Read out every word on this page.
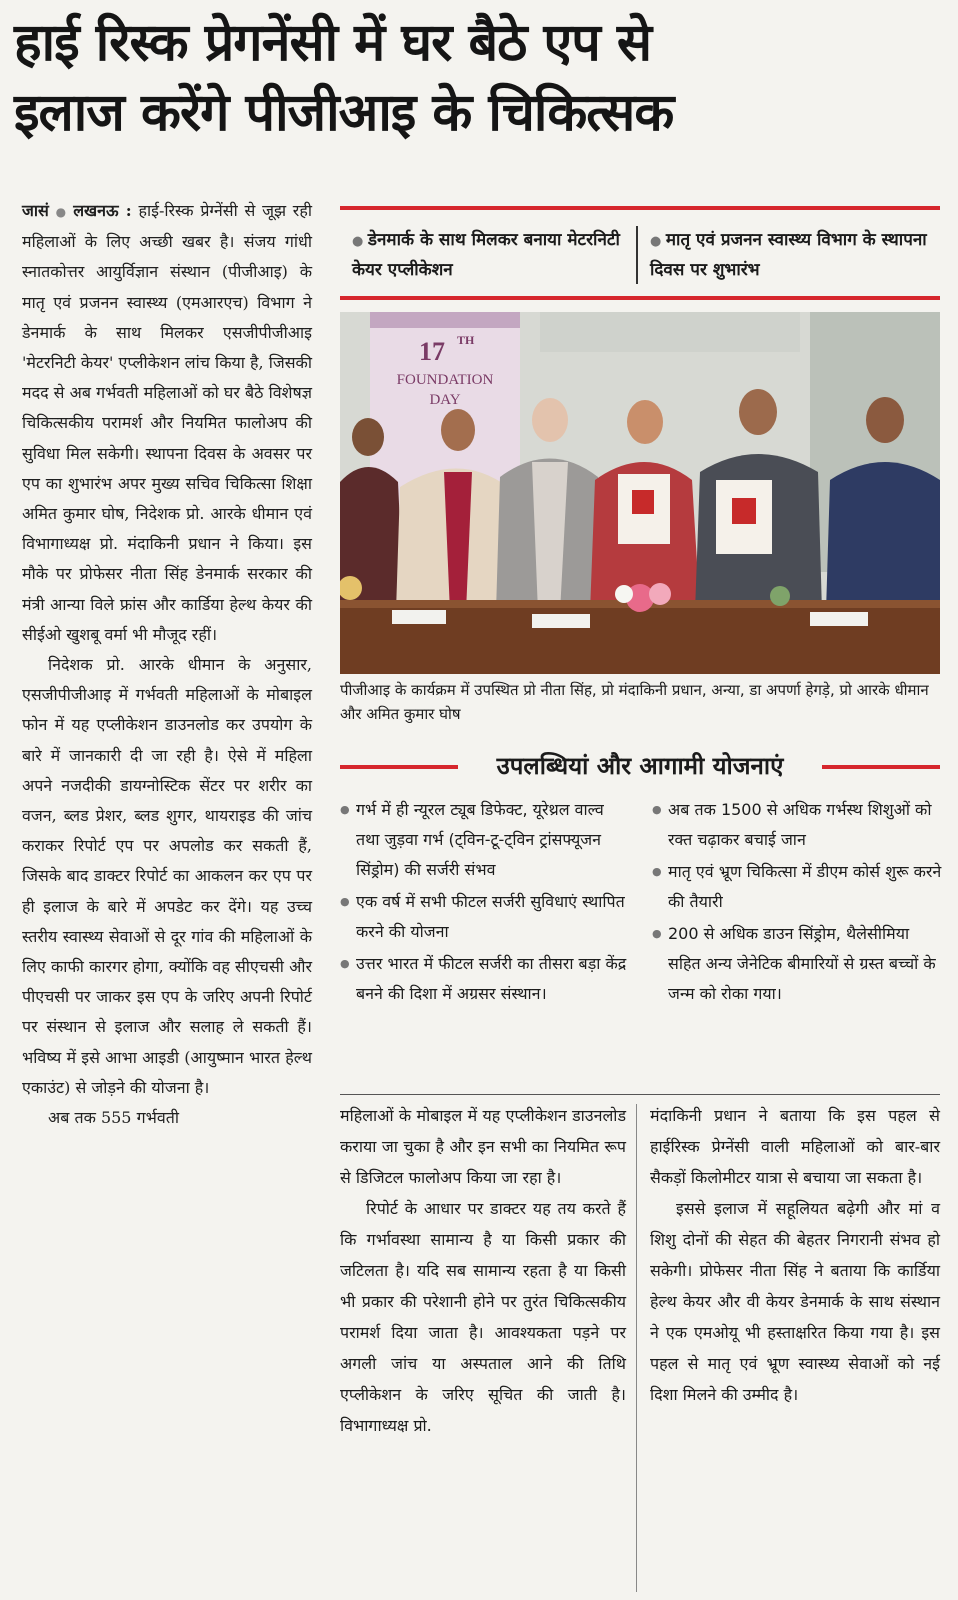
हाई रिस्क प्रेगनेंसी में घर बैठे एप से
इलाज करेंगे पीजीआइ के चिकित्सक

जासं ● लखनऊ : हाई-रिस्क प्रेग्नेंसी से जूझ रही महिलाओं के लिए अच्छी खबर है। संजय गांधी स्नातकोत्तर आयुर्विज्ञान संस्थान (पीजीआइ) के मातृ एवं प्रजनन स्वास्थ्य (एमआरएच) विभाग ने डेनमार्क के साथ मिलकर एसजीपीजीआइ 'मेटरनिटी केयर' एप्लीकेशन लांच किया है, जिसकी मदद से अब गर्भवती महिलाओं को घर बैठे विशेषज्ञ चिकित्सकीय परामर्श और नियमित फालोअप की सुविधा मिल सकेगी। स्थापना दिवस के अवसर पर एप का शुभारंभ अपर मुख्य सचिव चिकित्सा शिक्षा अमित कुमार घोष, निदेशक प्रो. आरके धीमान एवं विभागाध्यक्ष प्रो. मंदाकिनी प्रधान ने किया। इस मौके पर प्रोफेसर नीता सिंह डेनमार्क सरकार की मंत्री आन्या विले फ्रांस और कार्डिया हेल्थ केयर की सीईओ खुशबू वर्मा भी मौजूद रहीं।

निदेशक प्रो. आरके धीमान के अनुसार, एसजीपीजीआइ में गर्भवती महिलाओं के मोबाइल फोन में यह एप्लीकेशन डाउनलोड कर उपयोग के बारे में जानकारी दी जा रही है। ऐसे में महिला अपने नजदीकी डायग्नोस्टिक सेंटर पर शरीर का वजन, ब्लड प्रेशर, ब्लड शुगर, थायराइड की जांच कराकर रिपोर्ट एप पर अपलोड कर सकती हैं, जिसके बाद डाक्टर रिपोर्ट का आकलन कर एप पर ही इलाज के बारे में अपडेट कर देंगे। यह उच्च स्तरीय स्वास्थ्य सेवाओं से दूर गांव की महिलाओं के लिए काफी कारगर होगा, क्योंकि वह सीएचसी और पीएचसी पर जाकर इस एप के जरिए अपनी रिपोर्ट पर संस्थान से इलाज और सलाह ले सकती हैं। भविष्य में इसे आभा आइडी (आयुष्मान भारत हेल्थ एकाउंट) से जोड़ने की योजना है।

अब तक 555 गर्भवती

● डेनमार्क के साथ मिलकर बनाया मेटरनिटी केयर एप्लीकेशन
● मातृ एवं प्रजनन स्वास्थ्य विभाग के स्थापना दिवस पर शुभारंभ
17 TH
FOUNDATION
DAY
पीजीआइ के कार्यक्रम में उपस्थित प्रो नीता सिंह, प्रो मंदाकिनी प्रधान, अन्या, डा अपर्णा हेगड़े, प्रो आरके धीमान और अमित कुमार घोष
उपलब्धियां और आगामी योजनाएं
● गर्भ में ही न्यूरल ट्यूब डिफेक्ट, यूरेथ्रल वाल्व तथा जुड़वा गर्भ (ट्विन-टू-ट्विन ट्रांसफ्यूजन सिंड्रोम) की सर्जरी संभव
● एक वर्ष में सभी फीटल सर्जरी सुविधाएं स्थापित करने की योजना
● उत्तर भारत में फीटल सर्जरी का तीसरा बड़ा केंद्र बनने की दिशा में अग्रसर संस्थान।
● अब तक 1500 से अधिक गर्भस्थ शिशुओं को रक्त चढ़ाकर बचाई जान
● मातृ एवं भ्रूण चिकित्सा में डीएम कोर्स शुरू करने की तैयारी
● 200 से अधिक डाउन सिंड्रोम, थैलेसीमिया सहित अन्य जेनेटिक बीमारियों से ग्रस्त बच्चों के जन्म को रोका गया।

महिलाओं के मोबाइल में यह एप्लीकेशन डाउनलोड कराया जा चुका है और इन सभी का नियमित रूप से डिजिटल फालोअप किया जा रहा है।

रिपोर्ट के आधार पर डाक्टर यह तय करते हैं कि गर्भावस्था सामान्य है या किसी प्रकार की जटिलता है। यदि सब सामान्य रहता है या किसी भी प्रकार की परेशानी होने पर तुरंत चिकित्सकीय परामर्श दिया जाता है। आवश्यकता पड़ने पर अगली जांच या अस्पताल आने की तिथि एप्लीकेशन के जरिए सूचित की जाती है। विभागाध्यक्ष प्रो.

मंदाकिनी प्रधान ने बताया कि इस पहल से हाईरिस्क प्रेग्नेंसी वाली महिलाओं को बार-बार सैकड़ों किलोमीटर यात्रा से बचाया जा सकता है।

इससे इलाज में सहूलियत बढ़ेगी और मां व शिशु दोनों की सेहत की बेहतर निगरानी संभव हो सकेगी। प्रोफेसर नीता सिंह ने बताया कि कार्डिया हेल्थ केयर और वी केयर डेनमार्क के साथ संस्थान ने एक एमओयू भी हस्ताक्षरित किया गया है। इस पहल से मातृ एवं भ्रूण स्वास्थ्य सेवाओं को नई दिशा मिलने की उम्मीद है।
